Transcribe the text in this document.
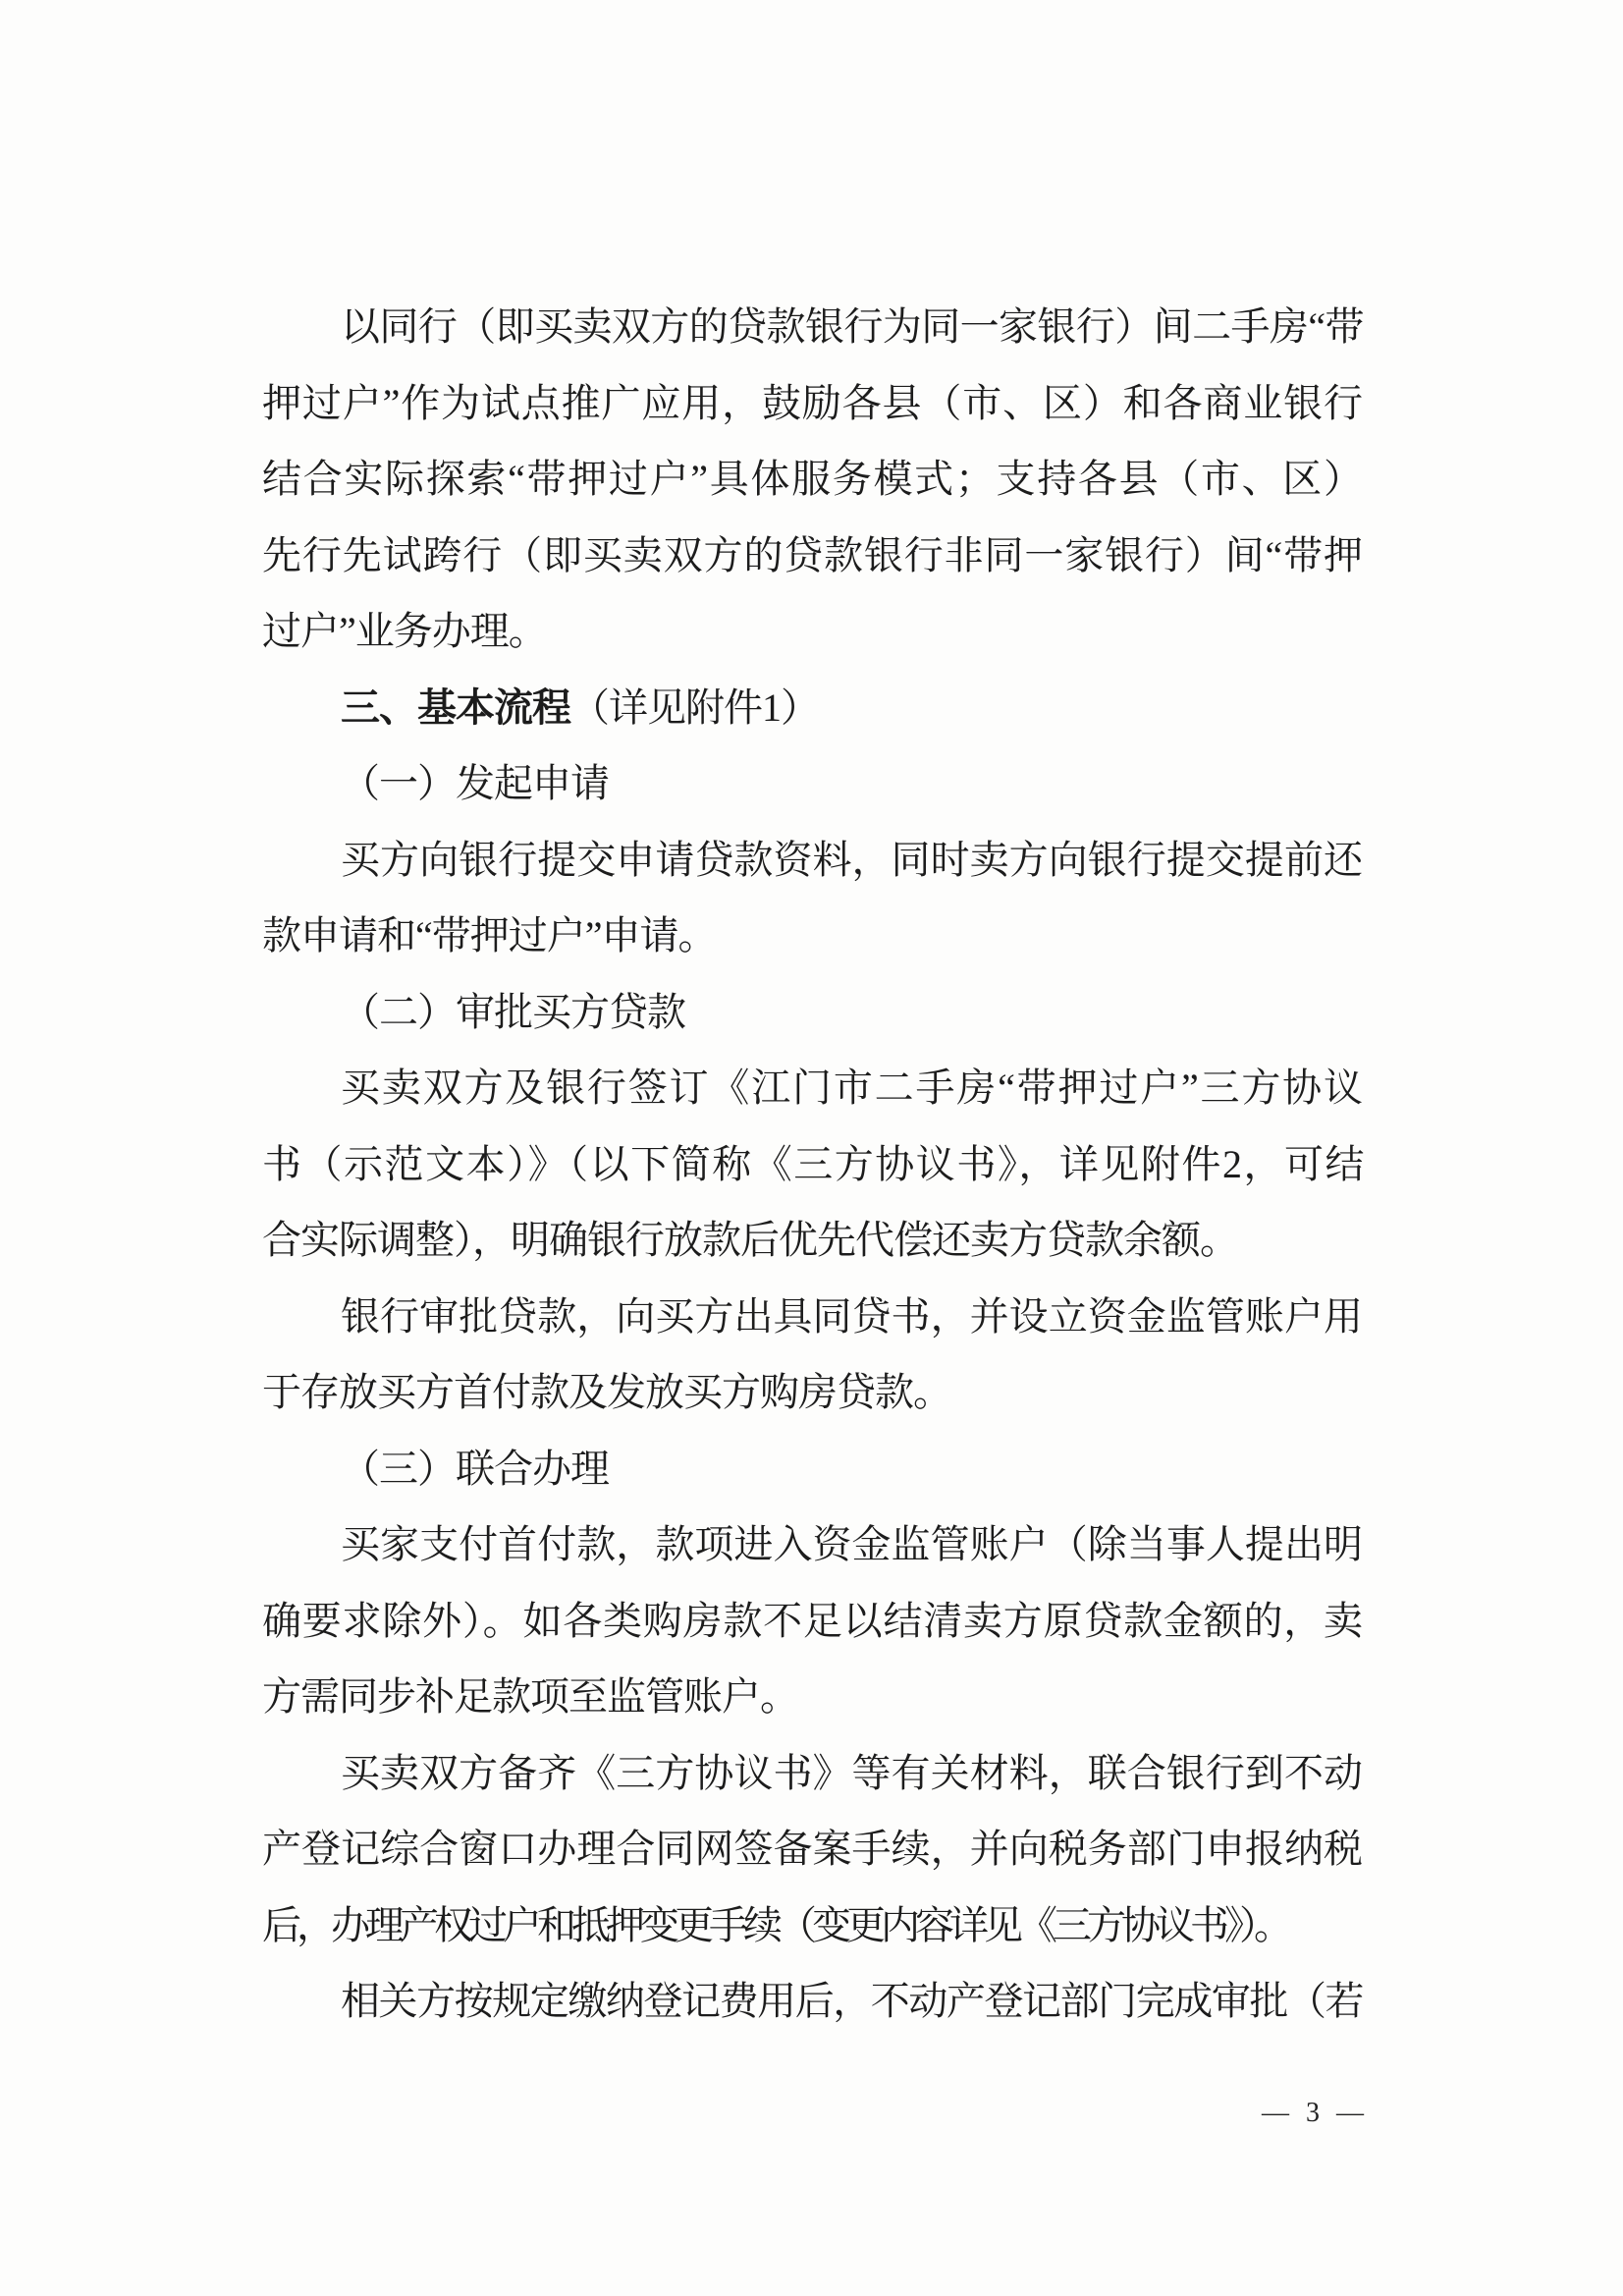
以同行（即买卖双方的贷款银行为同一家银行）间二手房“带
押过户”作为试点推广应用，鼓励各县（市、区）和各商业银行
结合实际探索“带押过户”具体服务模式；支持各县（市、区）
先行先试跨行（即买卖双方的贷款银行非同一家银行）间“带押
过户”业务办理。
三、基本流程（详见附件1）
（一）发起申请
买方向银行提交申请贷款资料，同时卖方向银行提交提前还
款申请和“带押过户”申请。
（二）审批买方贷款
买卖双方及银行签订《江门市二手房“带押过户”三方协议
书（示范文本）》（以下简称《三方协议书》，详见附件2，可结
合实际调整），明确银行放款后优先代偿还卖方贷款余额。
银行审批贷款，向买方出具同贷书，并设立资金监管账户用
于存放买方首付款及发放买方购房贷款。
（三）联合办理
买家支付首付款，款项进入资金监管账户（除当事人提出明
确要求除外）。如各类购房款不足以结清卖方原贷款金额的，卖
方需同步补足款项至监管账户。
买卖双方备齐《三方协议书》等有关材料，联合银行到不动
产登记综合窗口办理合同网签备案手续，并向税务部门申报纳税
后，办理产权过户和抵押变更手续（变更内容详见《三方协议书》）。
相关方按规定缴纳登记费用后，不动产登记部门完成审批（若
— 3 —
